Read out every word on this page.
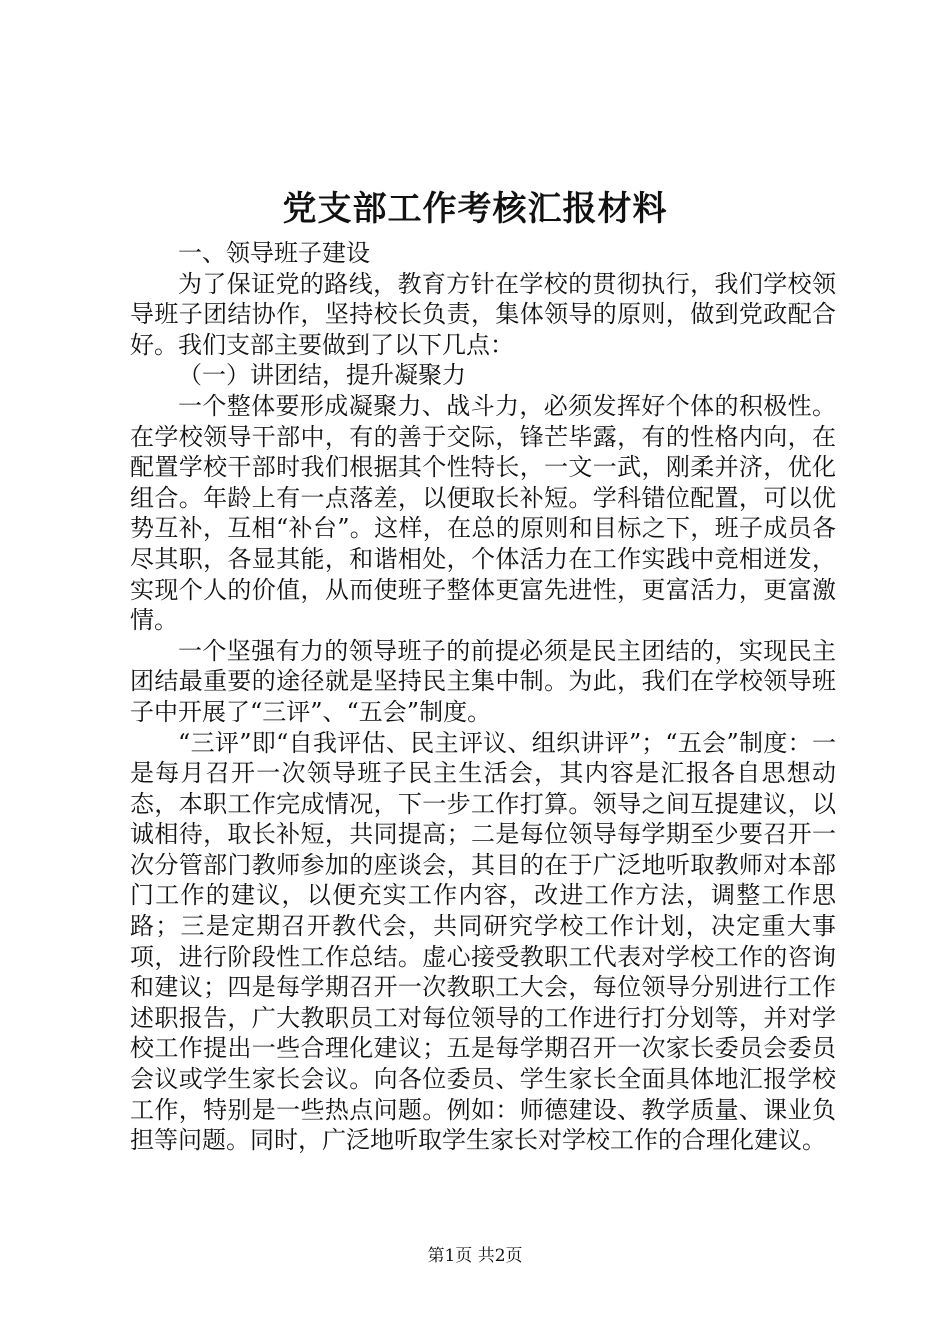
党支部工作考核汇报材料

一、领导班子建设

为了保证党的路线，教育方针在学校的贯彻执行，我们学校领导班子团结协作，坚持校长负责，集体领导的原则，做到党政配合好。我们支部主要做到了以下几点：

（一）讲团结，提升凝聚力

一个整体要形成凝聚力、战斗力，必须发挥好个体的积极性。在学校领导干部中，有的善于交际，锋芒毕露，有的性格内向，在配置学校干部时我们根据其个性特长，一文一武，刚柔并济，优化组合。年龄上有一点落差，以便取长补短。学科错位配置，可以优势互补，互相“补台”。这样，在总的原则和目标之下，班子成员各尽其职，各显其能，和谐相处，个体活力在工作实践中竞相迸发，实现个人的价值，从而使班子整体更富先进性，更富活力，更富激情。

一个坚强有力的领导班子的前提必须是民主团结的，实现民主团结最重要的途径就是坚持民主集中制。为此，我们在学校领导班子中开展了“三评”、“五会”制度。

“三评”即“自我评估、民主评议、组织讲评”；“五会”制度：一是每月召开一次领导班子民主生活会，其内容是汇报各自思想动态，本职工作完成情况，下一步工作打算。领导之间互提建议，以诚相待，取长补短，共同提高；二是每位领导每学期至少要召开一次分管部门教师参加的座谈会，其目的在于广泛地听取教师对本部门工作的建议，以便充实工作内容，改进工作方法，调整工作思路；三是定期召开教代会，共同研究学校工作计划，决定重大事项，进行阶段性工作总结。虚心接受教职工代表对学校工作的咨询和建议；四是每学期召开一次教职工大会，每位领导分别进行工作述职报告，广大教职员工对每位领导的工作进行打分划等，并对学校工作提出一些合理化建议；五是每学期召开一次家长委员会委员会议或学生家长会议。向各位委员、学生家长全面具体地汇报学校工作，特别是一些热点问题。例如：师德建设、教学质量、课业负担等问题。同时，广泛地听取学生家长对学校工作的合理化建议。

第1页 共2页
